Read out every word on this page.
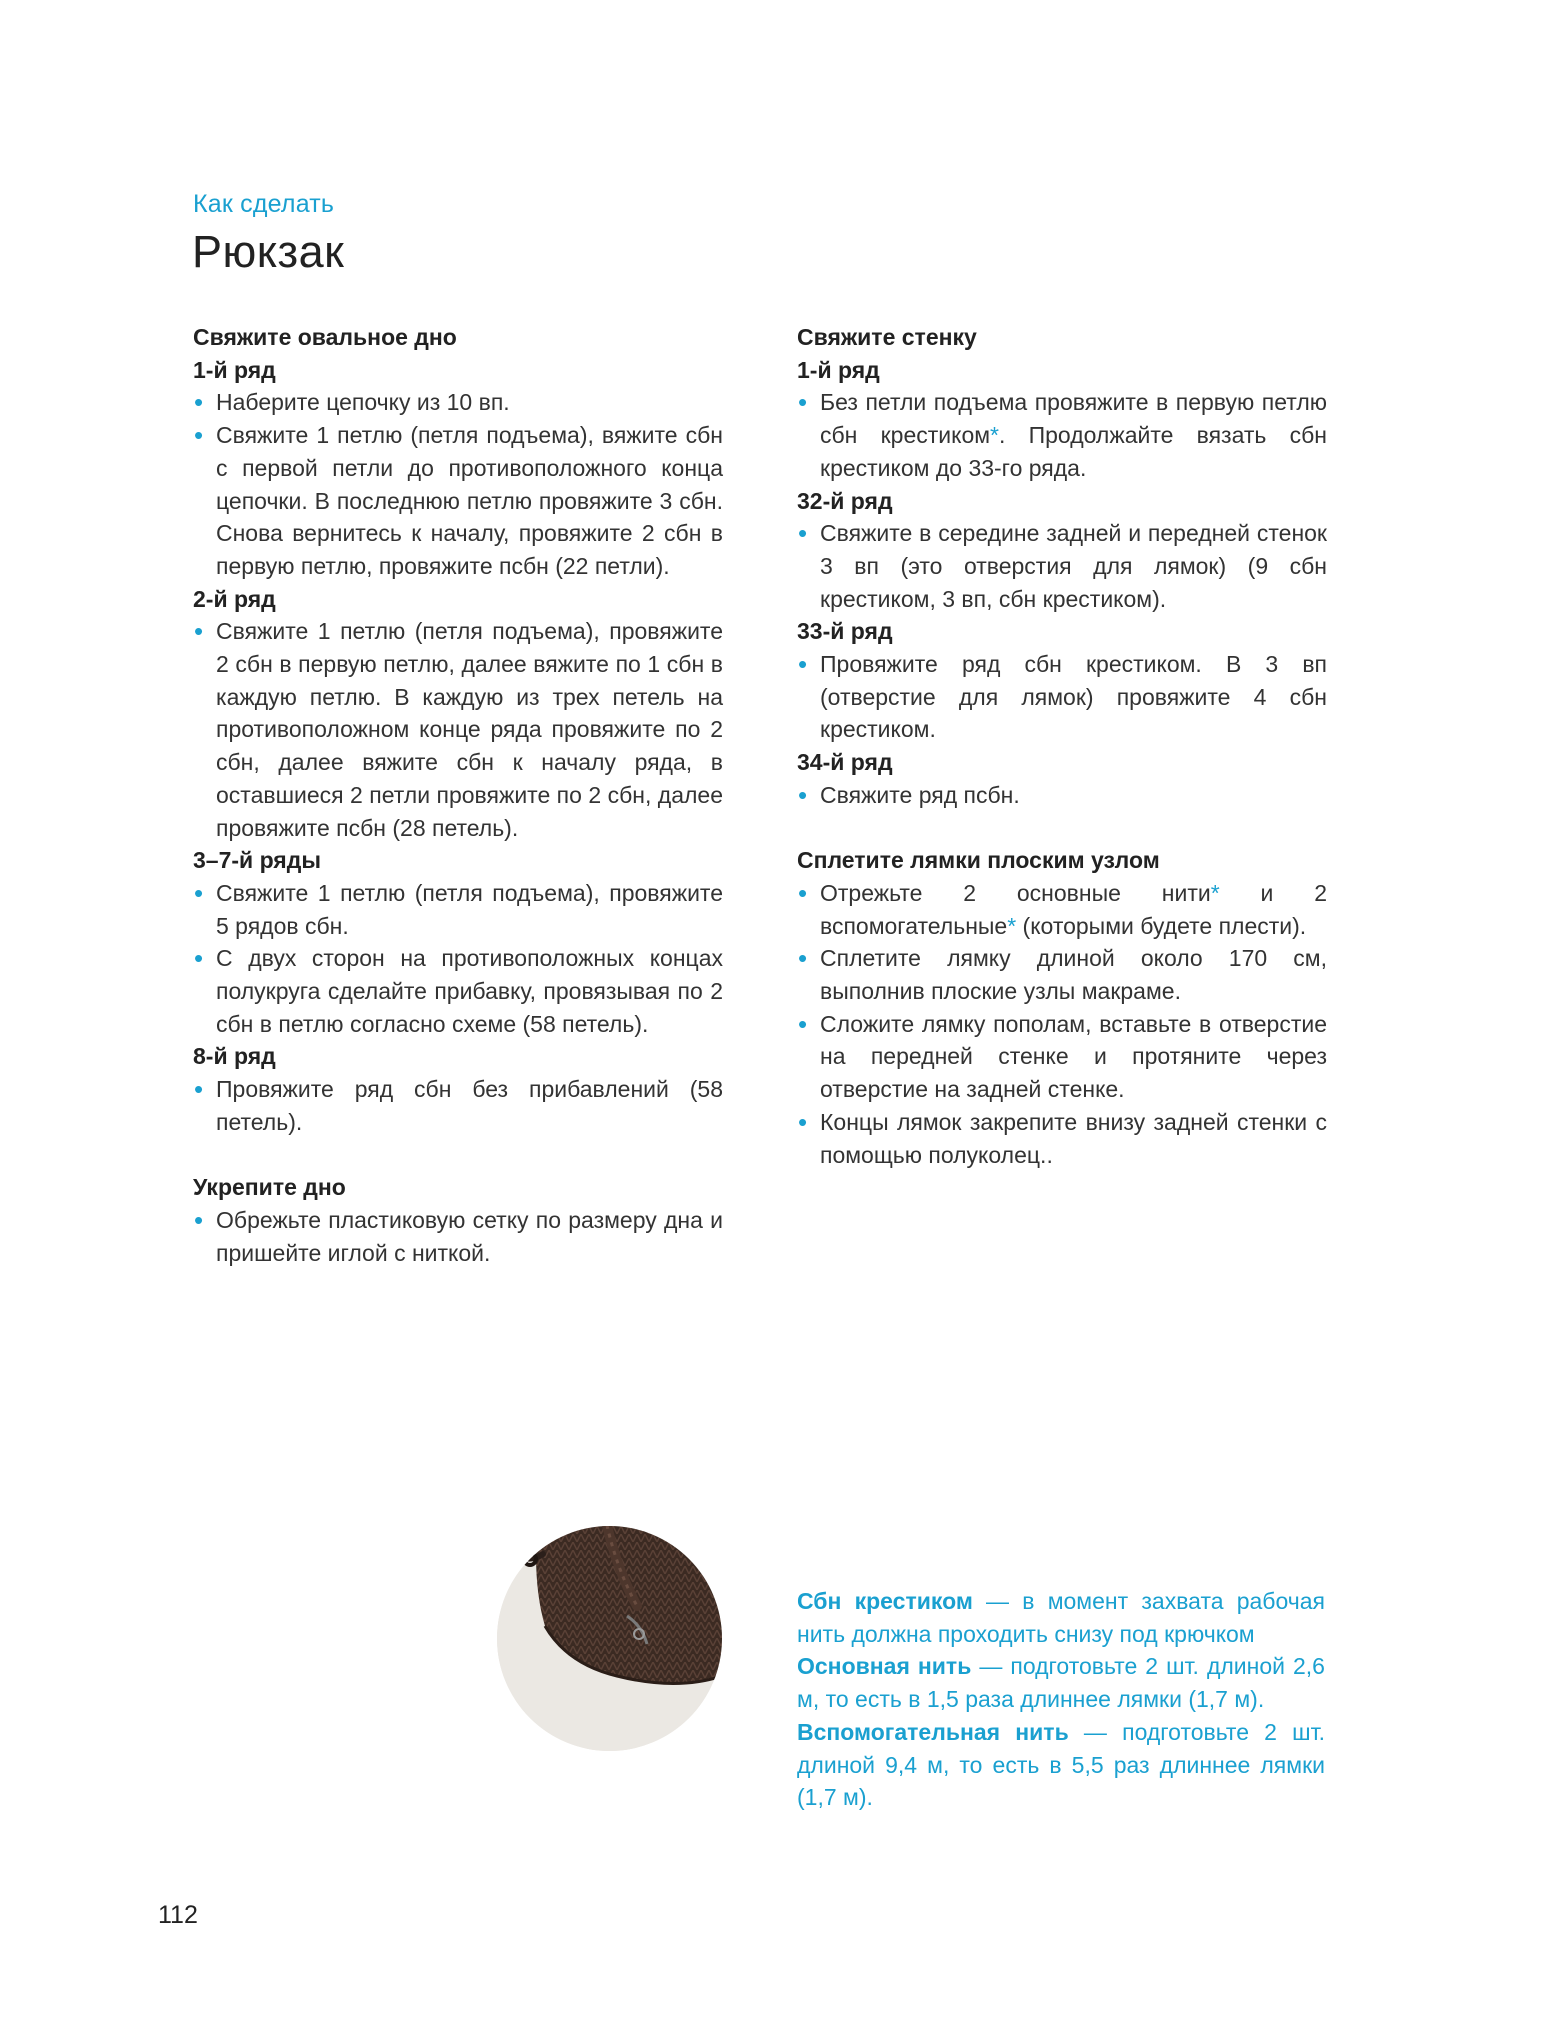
Как сделать
Рюкзак
Свяжите овальное дно
1-й ряд
• Наберите цепочку из 10 вп.
• Свяжите 1 петлю (петля подъема), вяжите сбн с первой петли до противоположного конца цепочки. В последнюю петлю провяжите 3 сбн. Снова вернитесь к началу, провяжите 2 сбн в первую петлю, провяжите псбн (22 петли).
2-й ряд
• Свяжите 1 петлю (петля подъема), провяжите 2 сбн в первую петлю, далее вяжите по 1 сбн в каждую петлю. В каждую из трех петель на противоположном конце ряда провяжите по 2 сбн, далее вяжите сбн к началу ряда, в оставшиеся 2 петли провяжите по 2 сбн, далее провяжите псбн (28 петель).
3–7-й ряды
• Свяжите 1 петлю (петля подъема), провяжите 5 рядов сбн.
• С двух сторон на противоположных концах полукруга сделайте прибавку, провязывая по 2 сбн в петлю согласно схеме (58 петель).
8-й ряд
• Провяжите ряд сбн без прибавлений (58 петель).
Укрепите дно
• Обрежьте пластиковую сетку по размеру дна и пришейте иглой с ниткой.
Свяжите стенку
1-й ряд
• Без петли подъема провяжите в первую петлю сбн крестиком*. Продолжайте вязать сбн крестиком до 33-го ряда.
32-й ряд
• Свяжите в середине задней и передней стенок 3 вп (это отверстия для лямок) (9 сбн крестиком, 3 вп, сбн крестиком).
33-й ряд
• Провяжите ряд сбн крестиком. В 3 вп (отверстие для лямок) провяжите 4 сбн крестиком.
34-й ряд
• Свяжите ряд псбн.
Сплетите лямки плоским узлом
• Отрежьте 2 основные нити* и 2 вспомогательные* (которыми будете плести).
• Сплетите лямку длиной около 170 см, выполнив плоские узлы макраме.
• Сложите лямку пополам, вставьте в отверстие на передней стенке и протяните через отверстие на задней стенке.
• Концы лямок закрепите внизу задней стенки с помощью полуколец..

Сбн крестиком — в момент захвата рабочая нить должна проходить снизу под крючком

Основная нить — подготовьте 2 шт. длиной 2,6 м, то есть в 1,5 раза длиннее лямки (1,7 м).

Вспомогательная нить — подготовьте 2 шт. длиной 9,4 м, то есть в 5,5 раз длиннее лямки (1,7 м).

112
